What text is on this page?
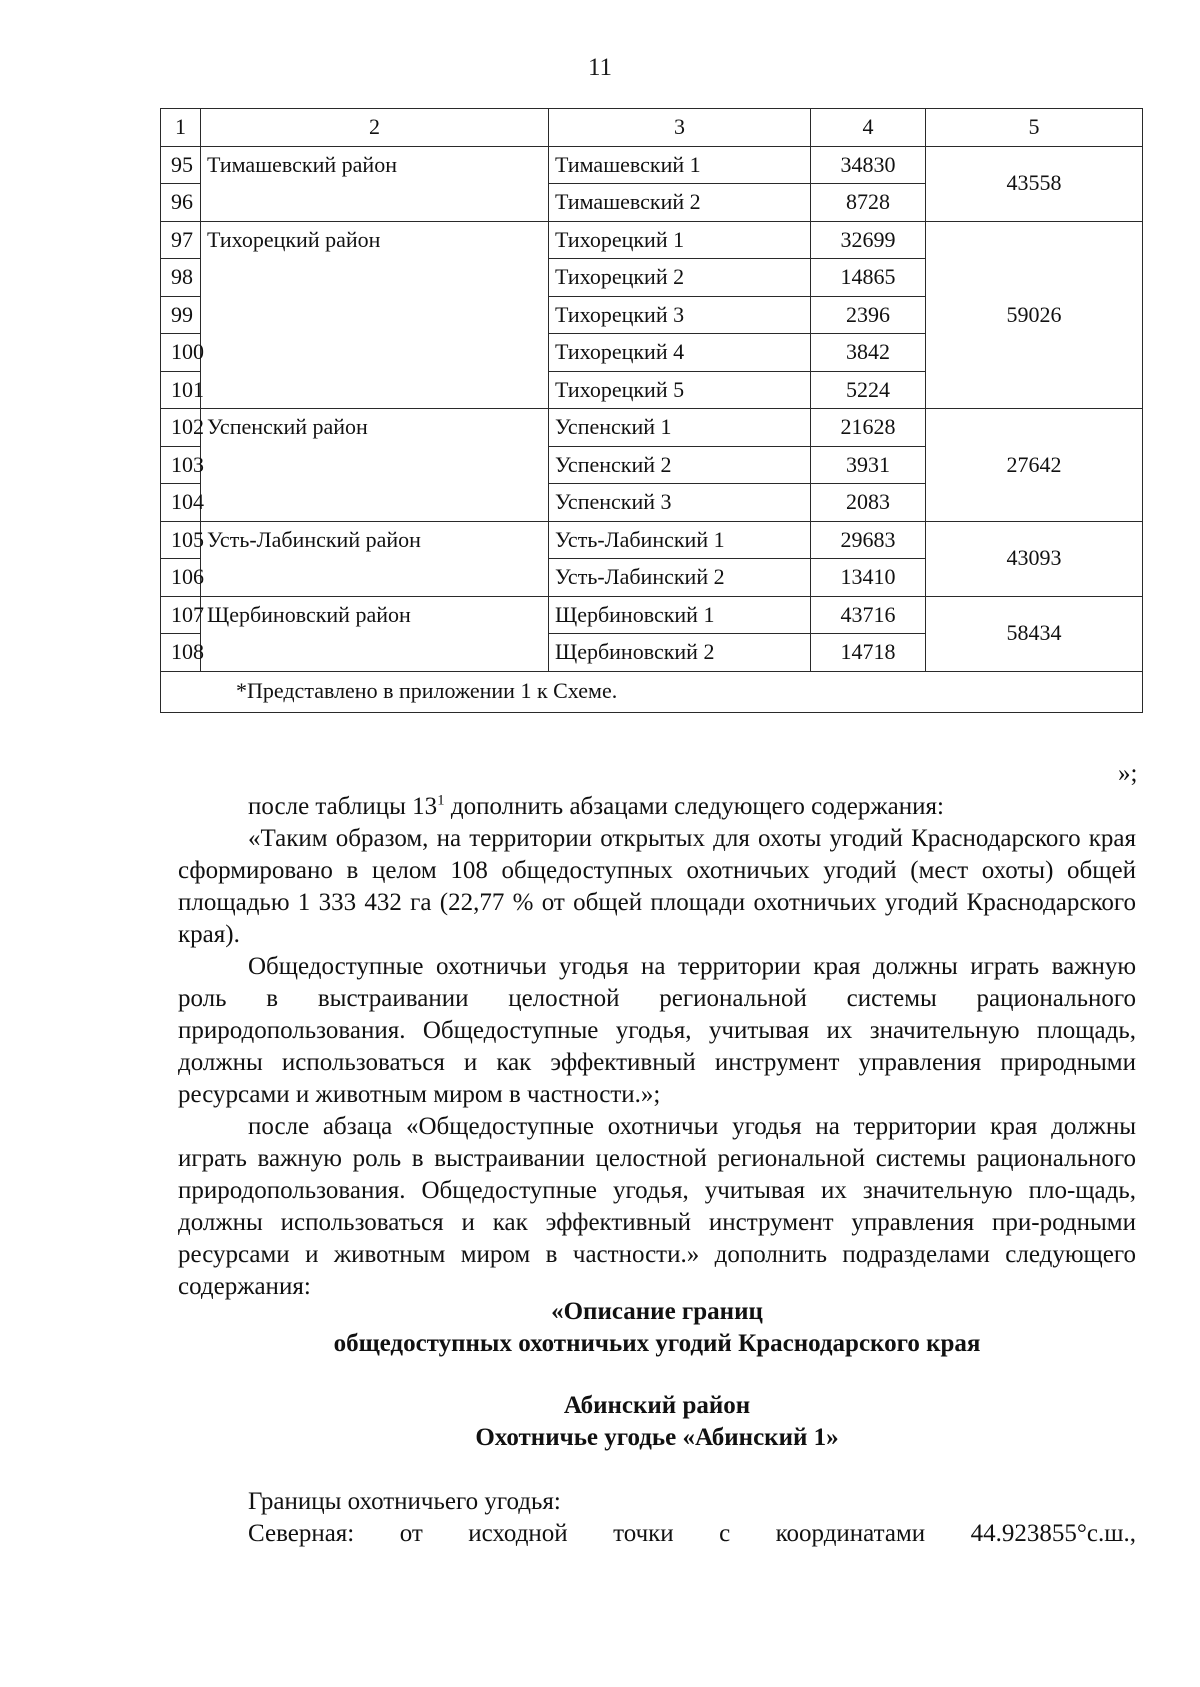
11
1	2	3	4	5
95	Тимашевский район	Тимашевский 1	34830	43558
96		Тимашевский 2	8728	
97	Тихорецкий район	Тихорецкий 1	32699	59026
98		Тихорецкий 2	14865	
99		Тихорецкий 3	2396	
100		Тихорецкий 4	3842	
101		Тихорецкий 5	5224	
102	Успенский район	Успенский 1	21628	27642
103		Успенский 2	3931	
104		Успенский 3	2083	
105	Усть-Лабинский район	Усть-Лабинский 1	29683	43093
106		Усть-Лабинский 2	13410	
107	Щербиновский район	Щербиновский 1	43716	58434
108		Щербиновский 2	14718	
*Представлено в приложении 1 к Схеме.				
»;

после таблицы $13^1$ дополнить абзацами следующего содержания:

«Таким образом, на территории открытых для охоты угодий Краснодарского края сформировано в целом 108 общедоступных охотничьих угодий (мест охоты) общей площадью 1 333 432 га (22,77 % от общей площади охотничьих угодий Краснодарского края).

Общедоступные охотничьи угодья на территории края должны играть важную роль в выстраивании целостной региональной системы рационального природопользования. Общедоступные угодья, учитывая их значительную площадь, должны использоваться и как эффективный инструмент управления природными ресурсами и животным миром в частности.»;

после абзаца «Общедоступные охотничьи угодья на территории края должны играть важную роль в выстраивании целостной региональной системы рационального природопользования. Общедоступные угодья, учитывая их значительную пло-щадь, должны использоваться и как эффективный инструмент управления при-родными ресурсами и животным миром в частности.» дополнить подразделами следующего содержания:

«Описание границ

общедоступных охотничьих угодий Краснодарского края

Абинский район

Охотничье угодье «Абинский 1»

Границы охотничьего угодья:

Северная: от исходной точки с координатами 44.923855°с.ш.,
